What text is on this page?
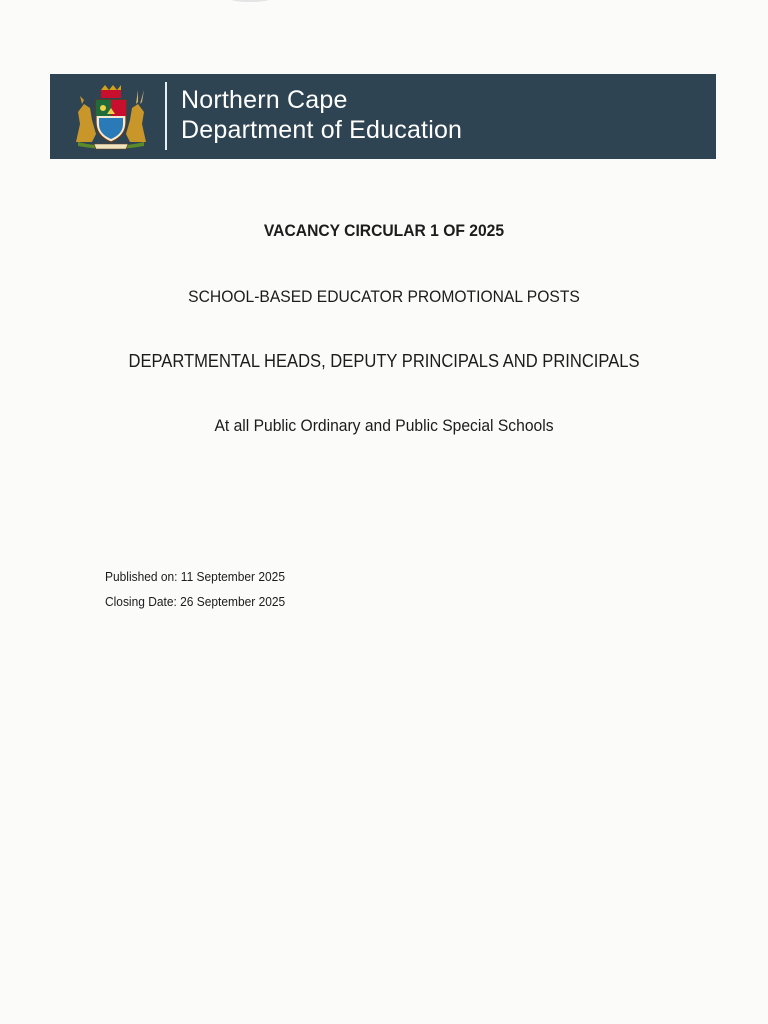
Northern Cape
Department of Education
VACANCY CIRCULAR 1 OF 2025
SCHOOL-BASED EDUCATOR PROMOTIONAL POSTS
DEPARTMENTAL HEADS, DEPUTY PRINCIPALS AND PRINCIPALS
At all Public Ordinary and Public Special Schools
Published on: 11 September 2025
Closing Date: 26 September 2025
